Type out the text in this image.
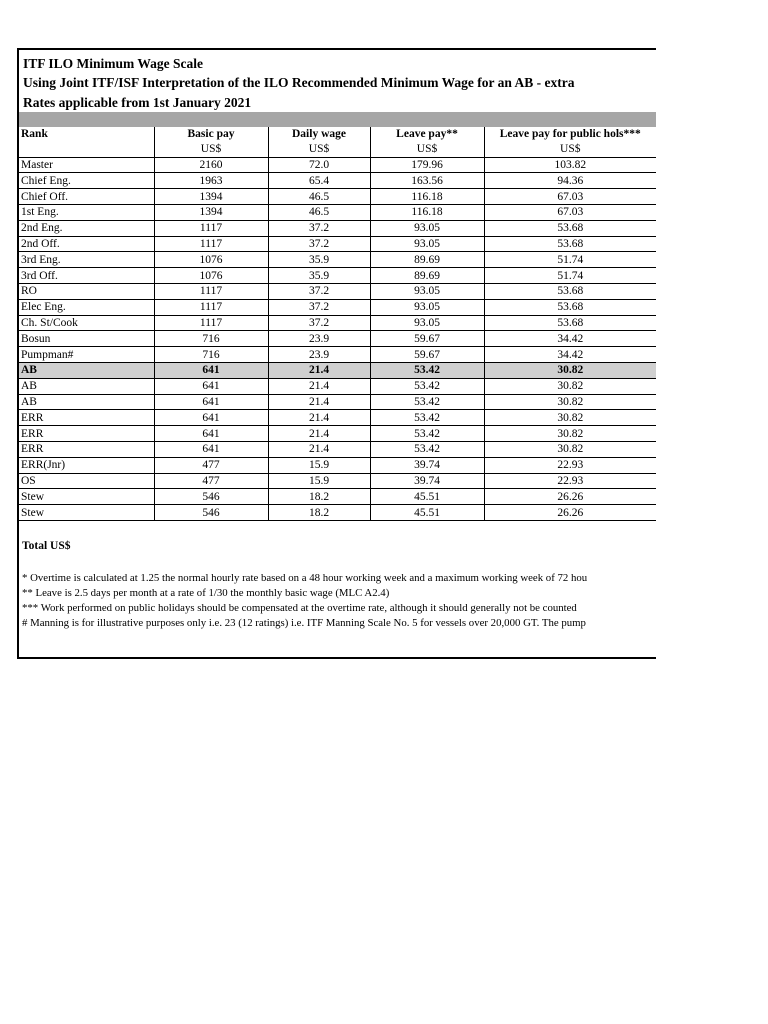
ITF ILO Minimum Wage Scale
Using Joint ITF/ISF Interpretation of the ILO Recommended Minimum Wage for an AB - extra
Rates applicable from 1st January 2021
Rank	Basic pay	Daily wage	Leave pay**	Leave pay for public hols***
	US$	US$	US$	US$
Master	2160	72.0	179.96	103.82
Chief Eng.	1963	65.4	163.56	94.36
Chief Off.	1394	46.5	116.18	67.03
1st Eng.	1394	46.5	116.18	67.03
2nd Eng.	1117	37.2	93.05	53.68
2nd Off.	1117	37.2	93.05	53.68
3rd Eng.	1076	35.9	89.69	51.74
3rd Off.	1076	35.9	89.69	51.74
RO	1117	37.2	93.05	53.68
Elec Eng.	1117	37.2	93.05	53.68
Ch. St/Cook	1117	37.2	93.05	53.68
Bosun	716	23.9	59.67	34.42
Pumpman#	716	23.9	59.67	34.42
AB	641	21.4	53.42	30.82
AB	641	21.4	53.42	30.82
AB	641	21.4	53.42	30.82
ERR	641	21.4	53.42	30.82
ERR	641	21.4	53.42	30.82
ERR	641	21.4	53.42	30.82
ERR(Jnr)	477	15.9	39.74	22.93
OS	477	15.9	39.74	22.93
Stew	546	18.2	45.51	26.26
Stew	546	18.2	45.51	26.26
Total US$
* Overtime is calculated at 1.25 the normal hourly rate based on a 48 hour working week and a maximum working week of 72 hou
** Leave is 2.5 days per month at a rate of 1/30 the monthly basic wage (MLC A2.4)
*** Work performed on public holidays should be compensated at the overtime rate, although it should generally not be counted
# Manning is for illustrative purposes only i.e. 23 (12 ratings) i.e. ITF Manning Scale No. 5 for vessels over 20,000 GT. The pump
